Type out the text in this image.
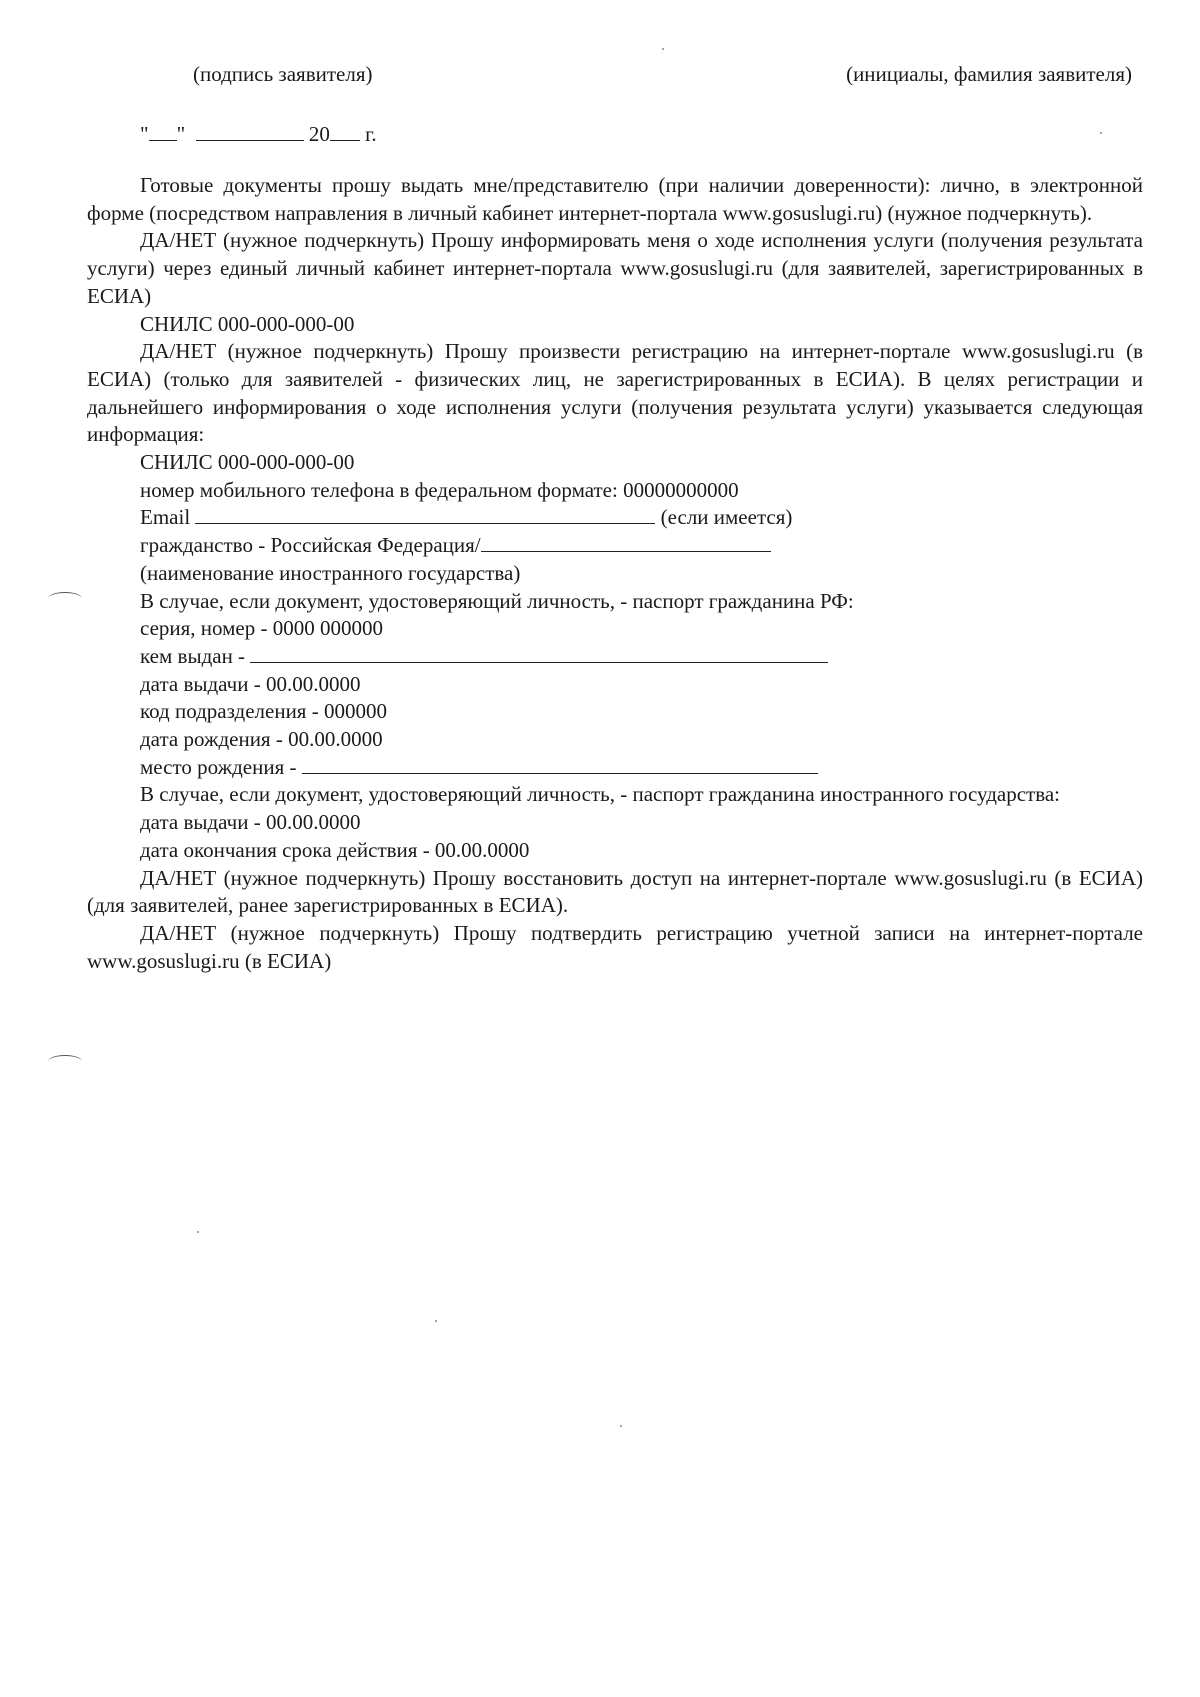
(подпись заявителя)	(инициалы, фамилия заявителя)
" "	20 г.

Готовые документы прошу выдать мне/представителю (при наличии доверенности): лично, в электронной форме (посредством направления в личный кабинет интернет-портала www.gosuslugi.ru) (нужное подчеркнуть).

ДА/НЕТ (нужное подчеркнуть) Прошу информировать меня о ходе исполнения услуги (получения результата услуги) через единый личный кабинет интернет-портала www.gosuslugi.ru (для заявителей, зарегистрированных в ЕСИА)

СНИЛС 000-000-000-00

ДА/НЕТ (нужное подчеркнуть) Прошу произвести регистрацию на интернет-портале www.gosuslugi.ru (в ЕСИА) (только для заявителей - физических лиц, не зарегистрированных в ЕСИА). В целях регистрации и дальнейшего информирования о ходе исполнения услуги (получения результата услуги) указывается следующая информация:

СНИЛС 000-000-000-00

номер мобильного телефона в федеральном формате: 00000000000

Email	(если имеется)

гражданство - Российская Федерация/

(наименование иностранного государства)

В случае, если документ, удостоверяющий личность, - паспорт гражданина РФ:

серия, номер - 0000 000000

кем выдан -

дата выдачи - 00.00.0000

код подразделения - 000000

дата рождения - 00.00.0000

место рождения -

В случае, если документ, удостоверяющий личность, - паспорт гражданина иностранного государства:

дата выдачи - 00.00.0000

дата окончания срока действия - 00.00.0000

ДА/НЕТ (нужное подчеркнуть) Прошу восстановить доступ на интернет-портале www.gosuslugi.ru (в ЕСИА) (для заявителей, ранее зарегистрированных в ЕСИА).

ДА/НЕТ (нужное подчеркнуть) Прошу подтвердить регистрацию учетной записи на интернет-портале www.gosuslugi.ru (в ЕСИА)
